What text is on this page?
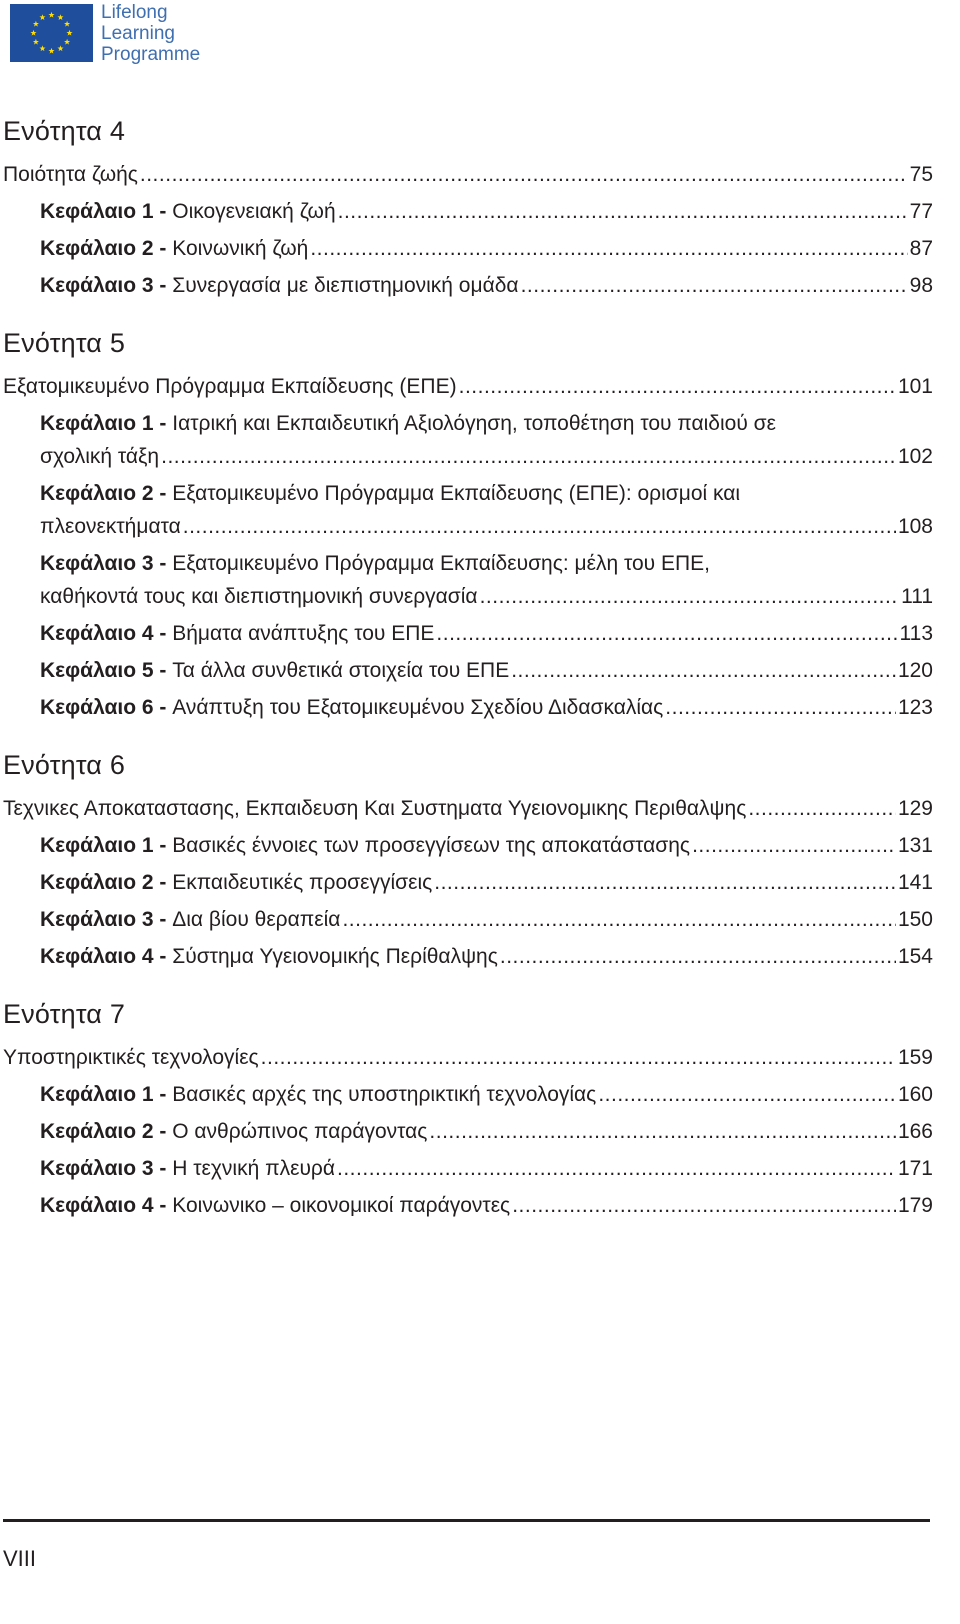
Lifelong
Learning
Programme
Ενότητα 4
Ποιότητα ζωής .....	75
Κεφάλαιο 1 - Οικογενειακή ζωή .....	77
Κεφάλαιο 2 - Κοινωνική ζωή .....	87
Κεφάλαιο 3 - Συνεργασία με διεπιστημονική ομάδα .....	98
Ενότητα 5
Εξατομικευμένο Πρόγραμμα Εκπαίδευσης (ΕΠΕ) .....	101
Κεφάλαιο 1 - Ιατρική και Εκπαιδευτική Αξιολόγηση, τοποθέτηση του παιδιού σε
σχολική τάξη .....	102
Κεφάλαιο 2 - Εξατομικευμένο Πρόγραμμα Εκπαίδευσης (ΕΠΕ): ορισμοί και
πλεονεκτήματα .....	108
Κεφάλαιο 3 - Εξατομικευμένο Πρόγραμμα Εκπαίδευσης: μέλη του ΕΠΕ,
καθήκοντά τους και διεπιστημονική συνεργασία .....	111
Κεφάλαιο 4 - Βήματα ανάπτυξης του ΕΠΕ .....	113
Κεφάλαιο 5 - Τα άλλα συνθετικά στοιχεία του ΕΠΕ .....	120
Κεφάλαιο 6 - Ανάπτυξη του Εξατομικευμένου Σχεδίου Διδασκαλίας .....	123
Ενότητα 6
Τεχνικες Αποκαταστασης, Εκπαιδευση Και Συστηματα Υγειονομικης Περιθαλψης .....	129
Κεφάλαιο 1 - Βασικές έννοιες των προσεγγίσεων της αποκατάστασης .....	131
Κεφάλαιο 2 - Εκπαιδευτικές προσεγγίσεις .....	141
Κεφάλαιο 3 - Δια βίου θεραπεία .....	150
Κεφάλαιο 4 - Σύστημα Υγειονομικής Περίθαλψης .....	154
Ενότητα 7
Υποστηρικτικές τεχνολογίες .....	159
Κεφάλαιο 1 - Βασικές αρχές της υποστηρικτική τεχνολογίας .....	160
Κεφάλαιο 2 - Ο ανθρώπινος παράγοντας .....	166
Κεφάλαιο 3 - Η τεχνική πλευρά .....	171
Κεφάλαιο 4 - Κοινωνικο – οικονομικοί παράγοντες .....	179
VIII
